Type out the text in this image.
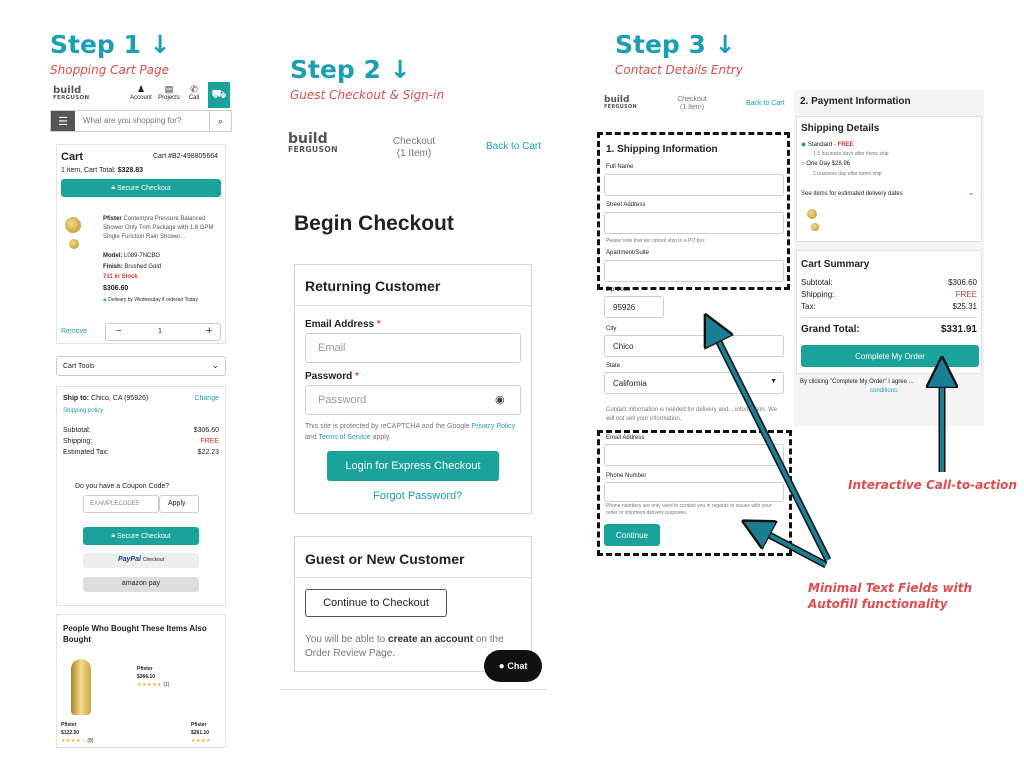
Step 1 ↓
Shopping Cart Page
build
FERGUSON
♟
Account
▤
Projects
✆
Call	⛟
☰	What are you shopping for?	⌕
Cart	Cart #B2-498805664
1 item, Cart Total: $328.83
🔒︎ Secure Checkout
Pfister Contempra Pressure Balanced Shower Only Trim Package with 1.8 GPM Single Function Rain Shower...
Model: L089-7NCBG
Finish: Brushed Gold
711 In Stock
$306.60
▰ Delivery by Wednesday if ordered Today
Remove	−	1	+
Cart Tools	⌄
Ship to: Chico, CA (95926)	Change
Shipping policy
Subtotal:	$306.60
Shipping:	FREE
Estimated Tax:	$22.23
Do you have a Coupon Code?
EXAMPLECODE5	Apply
🔒︎ Secure Checkout
PayPal Checkout
amazon pay
People Who Bought These Items Also Bought
Pfister
$366.10
★★★★★ (1)
Pfister
$122.50
★★★★☆ (8)
Pfister
$261.10
★★★★
Step 2 ↓
Guest Checkout & Sign-in
build
FERGUSON
Checkout
(1 Item)
Back to Cart
Begin Checkout
Returning Customer
Email Address *
Email
Password *
Password	◉
This site is protected by reCAPTCHA and the Google Privacy Policy and Terms of Service apply.
Login for Express Checkout
Forgot Password?
Guest or New Customer
Continue to Checkout
You will be able to create an account on the Order Review Page.
● Chat
Step 3 ↓
Contact Details Entry
build
FERGUSON
Checkout
(1 Item)
Back to Cart
1. Shipping Information
Full Name
Street Address
Please note that we cannot ship to a PO box
Apartment/Suite
Zip Code
95926
City
Chico
State
California	▼
Contact information is needed for delivery and... information. We will not sell your information.
Email Address
Phone Number
Phone numbers are only used to contact you in regards to issues with your order or shipment delivery purposes.
Continue
2. Payment Information
Shipping Details
◉ Standard - FREE
1-5 business days after items ship
○ One Day $28.96
1 business day after items ship
See items for estimated delivery dates	⌄
Cart Summary
Subtotal:	$306.60
Shipping:	FREE
Tax:	$25.31
Grand Total:	$331.91
Complete My Order
By clicking "Complete My Order" I agree ...
conditions.
Interactive Call-to-action
Minimal Text Fields with
Autofill functionality
